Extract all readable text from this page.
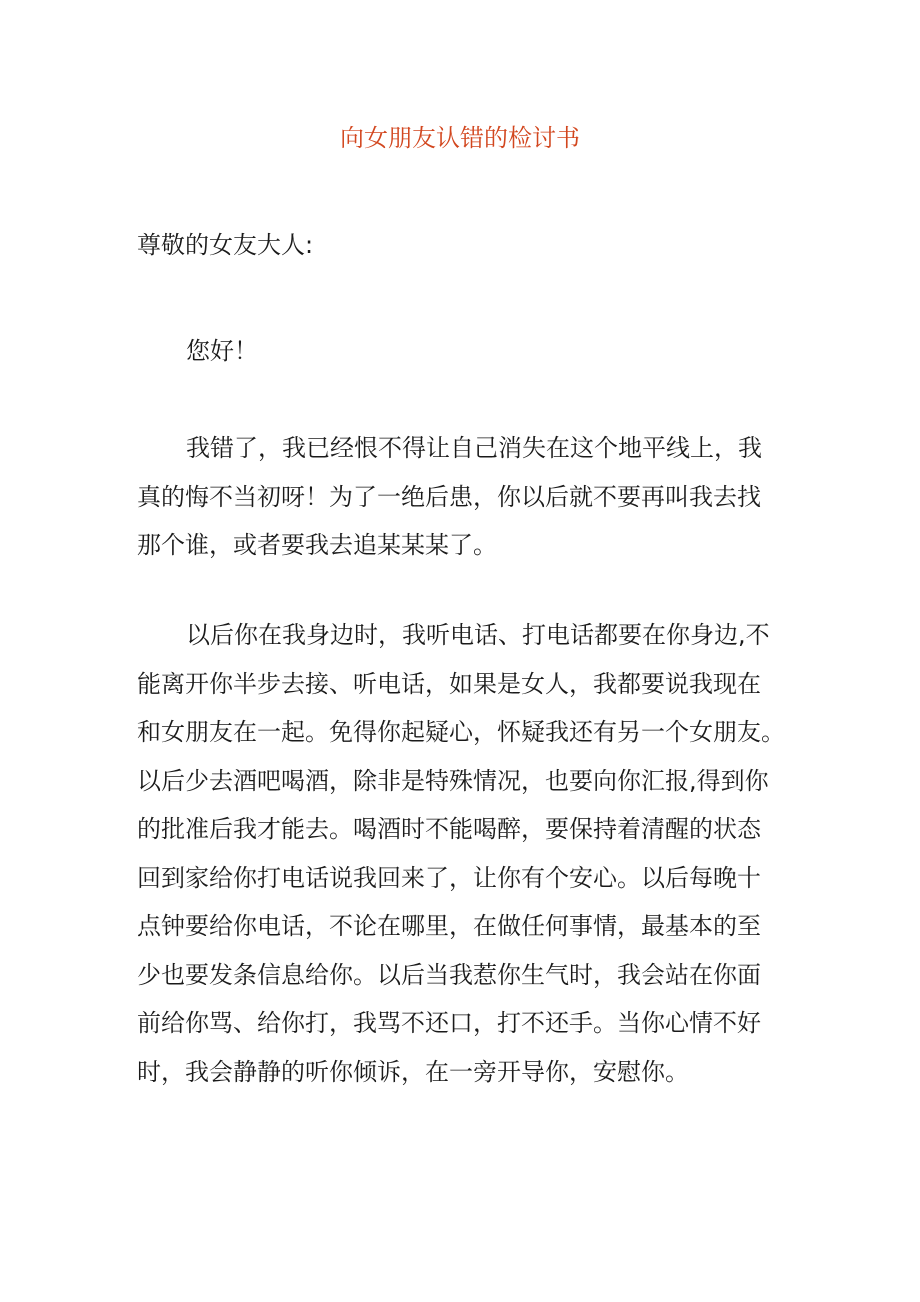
向女朋友认错的检讨书
尊敬的女友大人:
您好！
我错了，我已经恨不得让自己消失在这个地平线上，我
真的悔不当初呀！为了一绝后患，你以后就不要再叫我去找
那个谁，或者要我去追某某某了。
以后你在我身边时，我听电话、打电话都要在你身边,不
能离开你半步去接、听电话，如果是女人，我都要说我现在
和女朋友在一起。免得你起疑心，怀疑我还有另一个女朋友。
以后少去酒吧喝酒，除非是特殊情况，也要向你汇报,得到你
的批准后我才能去。喝酒时不能喝醉，要保持着清醒的状态
回到家给你打电话说我回来了，让你有个安心。以后每晚十
点钟要给你电话，不论在哪里，在做任何事情，最基本的至
少也要发条信息给你。以后当我惹你生气时，我会站在你面
前给你骂、给你打，我骂不还口，打不还手。当你心情不好
时，我会静静的听你倾诉，在一旁开导你，安慰你。
